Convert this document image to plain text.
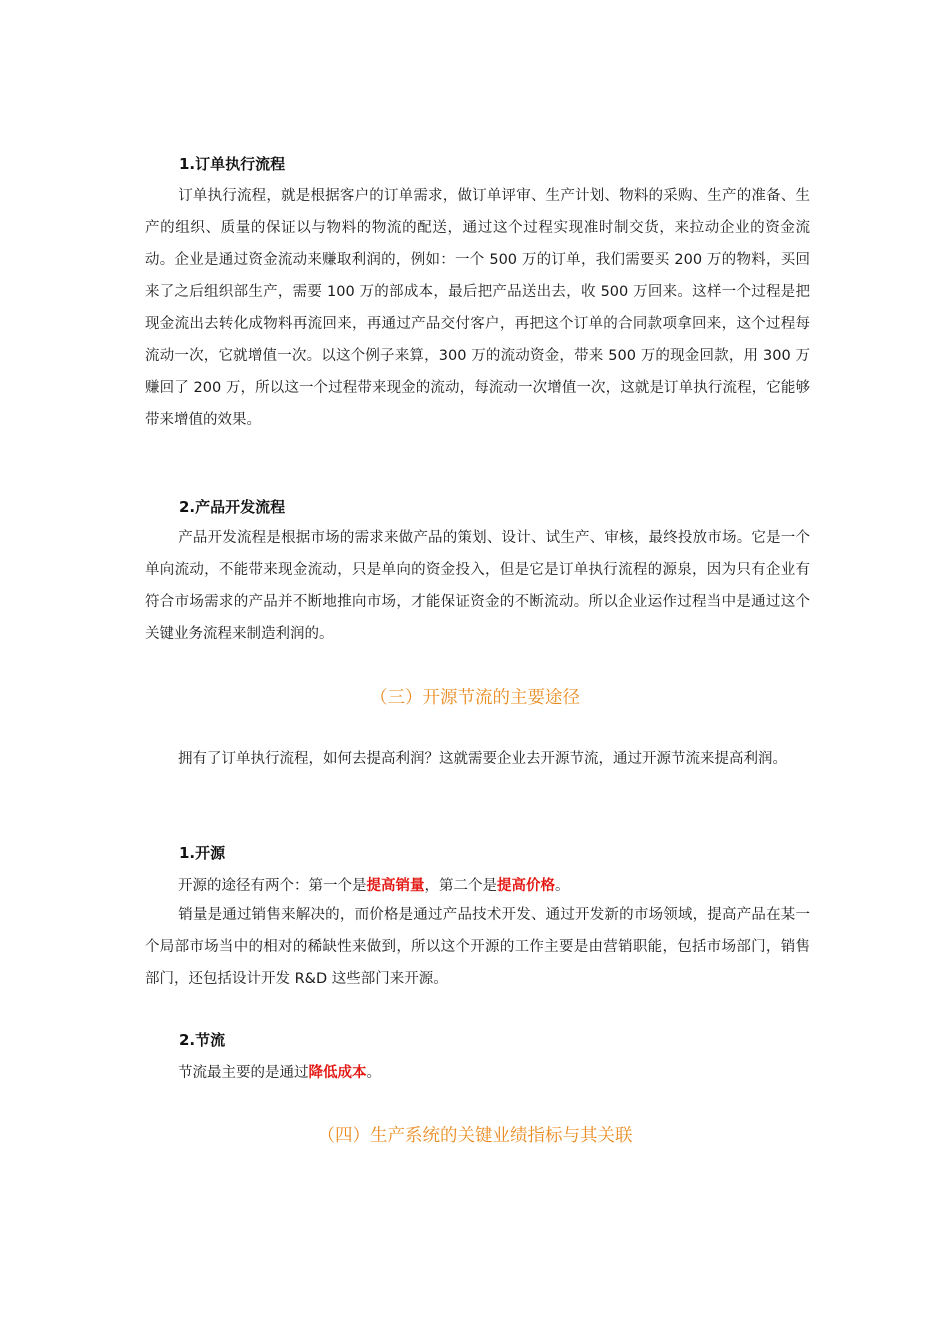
1.订单执行流程

订单执行流程，就是根据客户的订单需求，做订单评审、生产计划、物料的采购、生产的准备、生产的组织、质量的保证以与物料的物流的配送，通过这个过程实现准时制交货，来拉动企业的资金流动。企业是通过资金流动来赚取利润的，例如：一个 500 万的订单，我们需要买 200 万的物料，买回来了之后组织部生产，需要 100 万的部成本，最后把产品送出去，收 500 万回来。这样一个过程是把现金流出去转化成物料再流回来，再通过产品交付客户，再把这个订单的合同款项拿回来，这个过程每流动一次，它就增值一次。以这个例子来算，300 万的流动资金，带来 500 万的现金回款，用 300 万赚回了 200 万，所以这一个过程带来现金的流动，每流动一次增值一次，这就是订单执行流程，它能够带来增值的效果。

2.产品开发流程

产品开发流程是根据市场的需求来做产品的策划、设计、试生产、审核，最终投放市场。它是一个单向流动，不能带来现金流动，只是单向的资金投入，但是它是订单执行流程的源泉，因为只有企业有符合市场需求的产品并不断地推向市场，才能保证资金的不断流动。所以企业运作过程当中是通过这个关键业务流程来制造利润的。

（三）开源节流的主要途径

拥有了订单执行流程，如何去提高利润？这就需要企业去开源节流，通过开源节流来提高利润。

1.开源

开源的途径有两个：第一个是提高销量，第二个是提高价格。

销量是通过销售来解决的，而价格是通过产品技术开发、通过开发新的市场领域，提高产品在某一个局部市场当中的相对的稀缺性来做到，所以这个开源的工作主要是由营销职能，包括市场部门，销售部门，还包括设计开发 R&D 这些部门来开源。

2.节流

节流最主要的是通过降低成本。

（四）生产系统的关键业绩指标与其关联
